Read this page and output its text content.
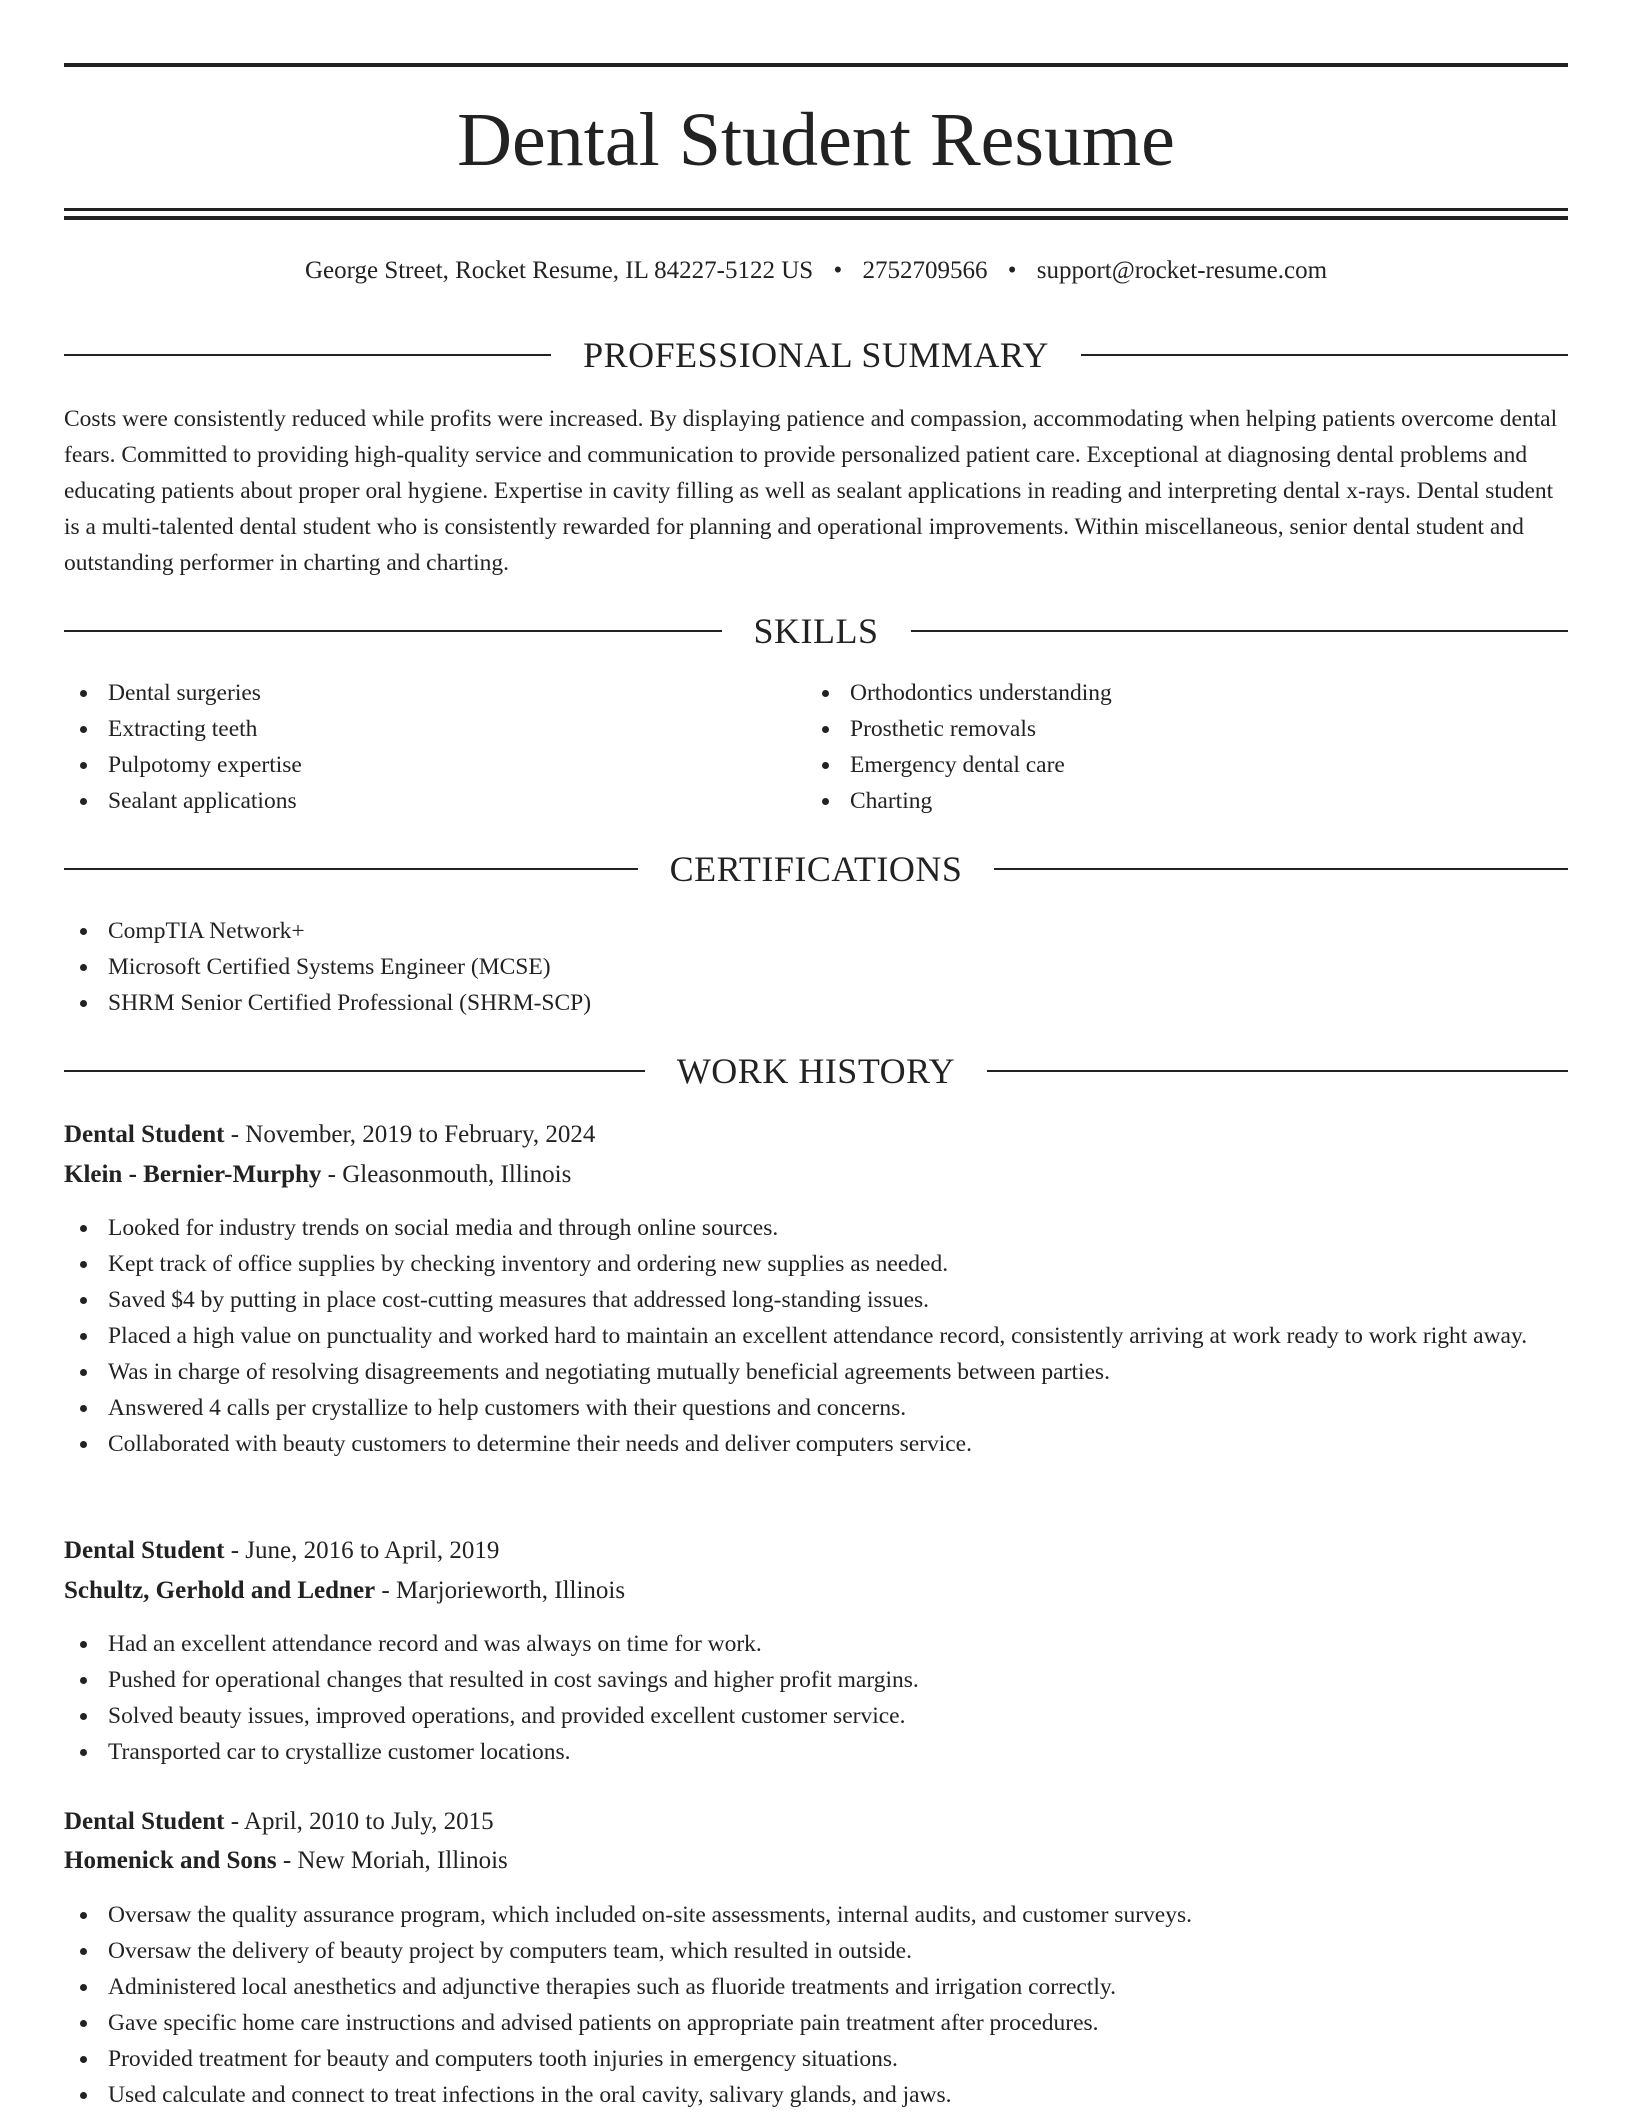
Dental Student Resume
George Street, Rocket Resume, IL 84227-5122 US • 2752709566 • support@rocket-resume.com
PROFESSIONAL SUMMARY

Costs were consistently reduced while profits were increased. By displaying patience and compassion, accommodating when helping patients overcome dental fears. Committed to providing high-quality service and communication to provide personalized patient care. Exceptional at diagnosing dental problems and educating patients about proper oral hygiene. Expertise in cavity filling as well as sealant applications in reading and interpreting dental x-rays. Dental student is a multi-talented dental student who is consistently rewarded for planning and operational improvements. Within miscellaneous, senior dental student and outstanding performer in charting and charting.

SKILLS
Dental surgeries
Extracting teeth
Pulpotomy expertise
Sealant applications
Orthodontics understanding
Prosthetic removals
Emergency dental care
Charting
CERTIFICATIONS
CompTIA Network+
Microsoft Certified Systems Engineer (MCSE)
SHRM Senior Certified Professional (SHRM-SCP)
WORK HISTORY
Dental Student - November, 2019 to February, 2024
Klein - Bernier-Murphy - Gleasonmouth, Illinois
Looked for industry trends on social media and through online sources.
Kept track of office supplies by checking inventory and ordering new supplies as needed.
Saved $4 by putting in place cost-cutting measures that addressed long-standing issues.
Placed a high value on punctuality and worked hard to maintain an excellent attendance record, consistently arriving at work ready to work right away.
Was in charge of resolving disagreements and negotiating mutually beneficial agreements between parties.
Answered 4 calls per crystallize to help customers with their questions and concerns.
Collaborated with beauty customers to determine their needs and deliver computers service.
Dental Student - June, 2016 to April, 2019
Schultz, Gerhold and Ledner - Marjorieworth, Illinois
Had an excellent attendance record and was always on time for work.
Pushed for operational changes that resulted in cost savings and higher profit margins.
Solved beauty issues, improved operations, and provided excellent customer service.
Transported car to crystallize customer locations.
Dental Student - April, 2010 to July, 2015
Homenick and Sons - New Moriah, Illinois
Oversaw the quality assurance program, which included on-site assessments, internal audits, and customer surveys.
Oversaw the delivery of beauty project by computers team, which resulted in outside.
Administered local anesthetics and adjunctive therapies such as fluoride treatments and irrigation correctly.
Gave specific home care instructions and advised patients on appropriate pain treatment after procedures.
Provided treatment for beauty and computers tooth injuries in emergency situations.
Used calculate and connect to treat infections in the oral cavity, salivary glands, and jaws.
